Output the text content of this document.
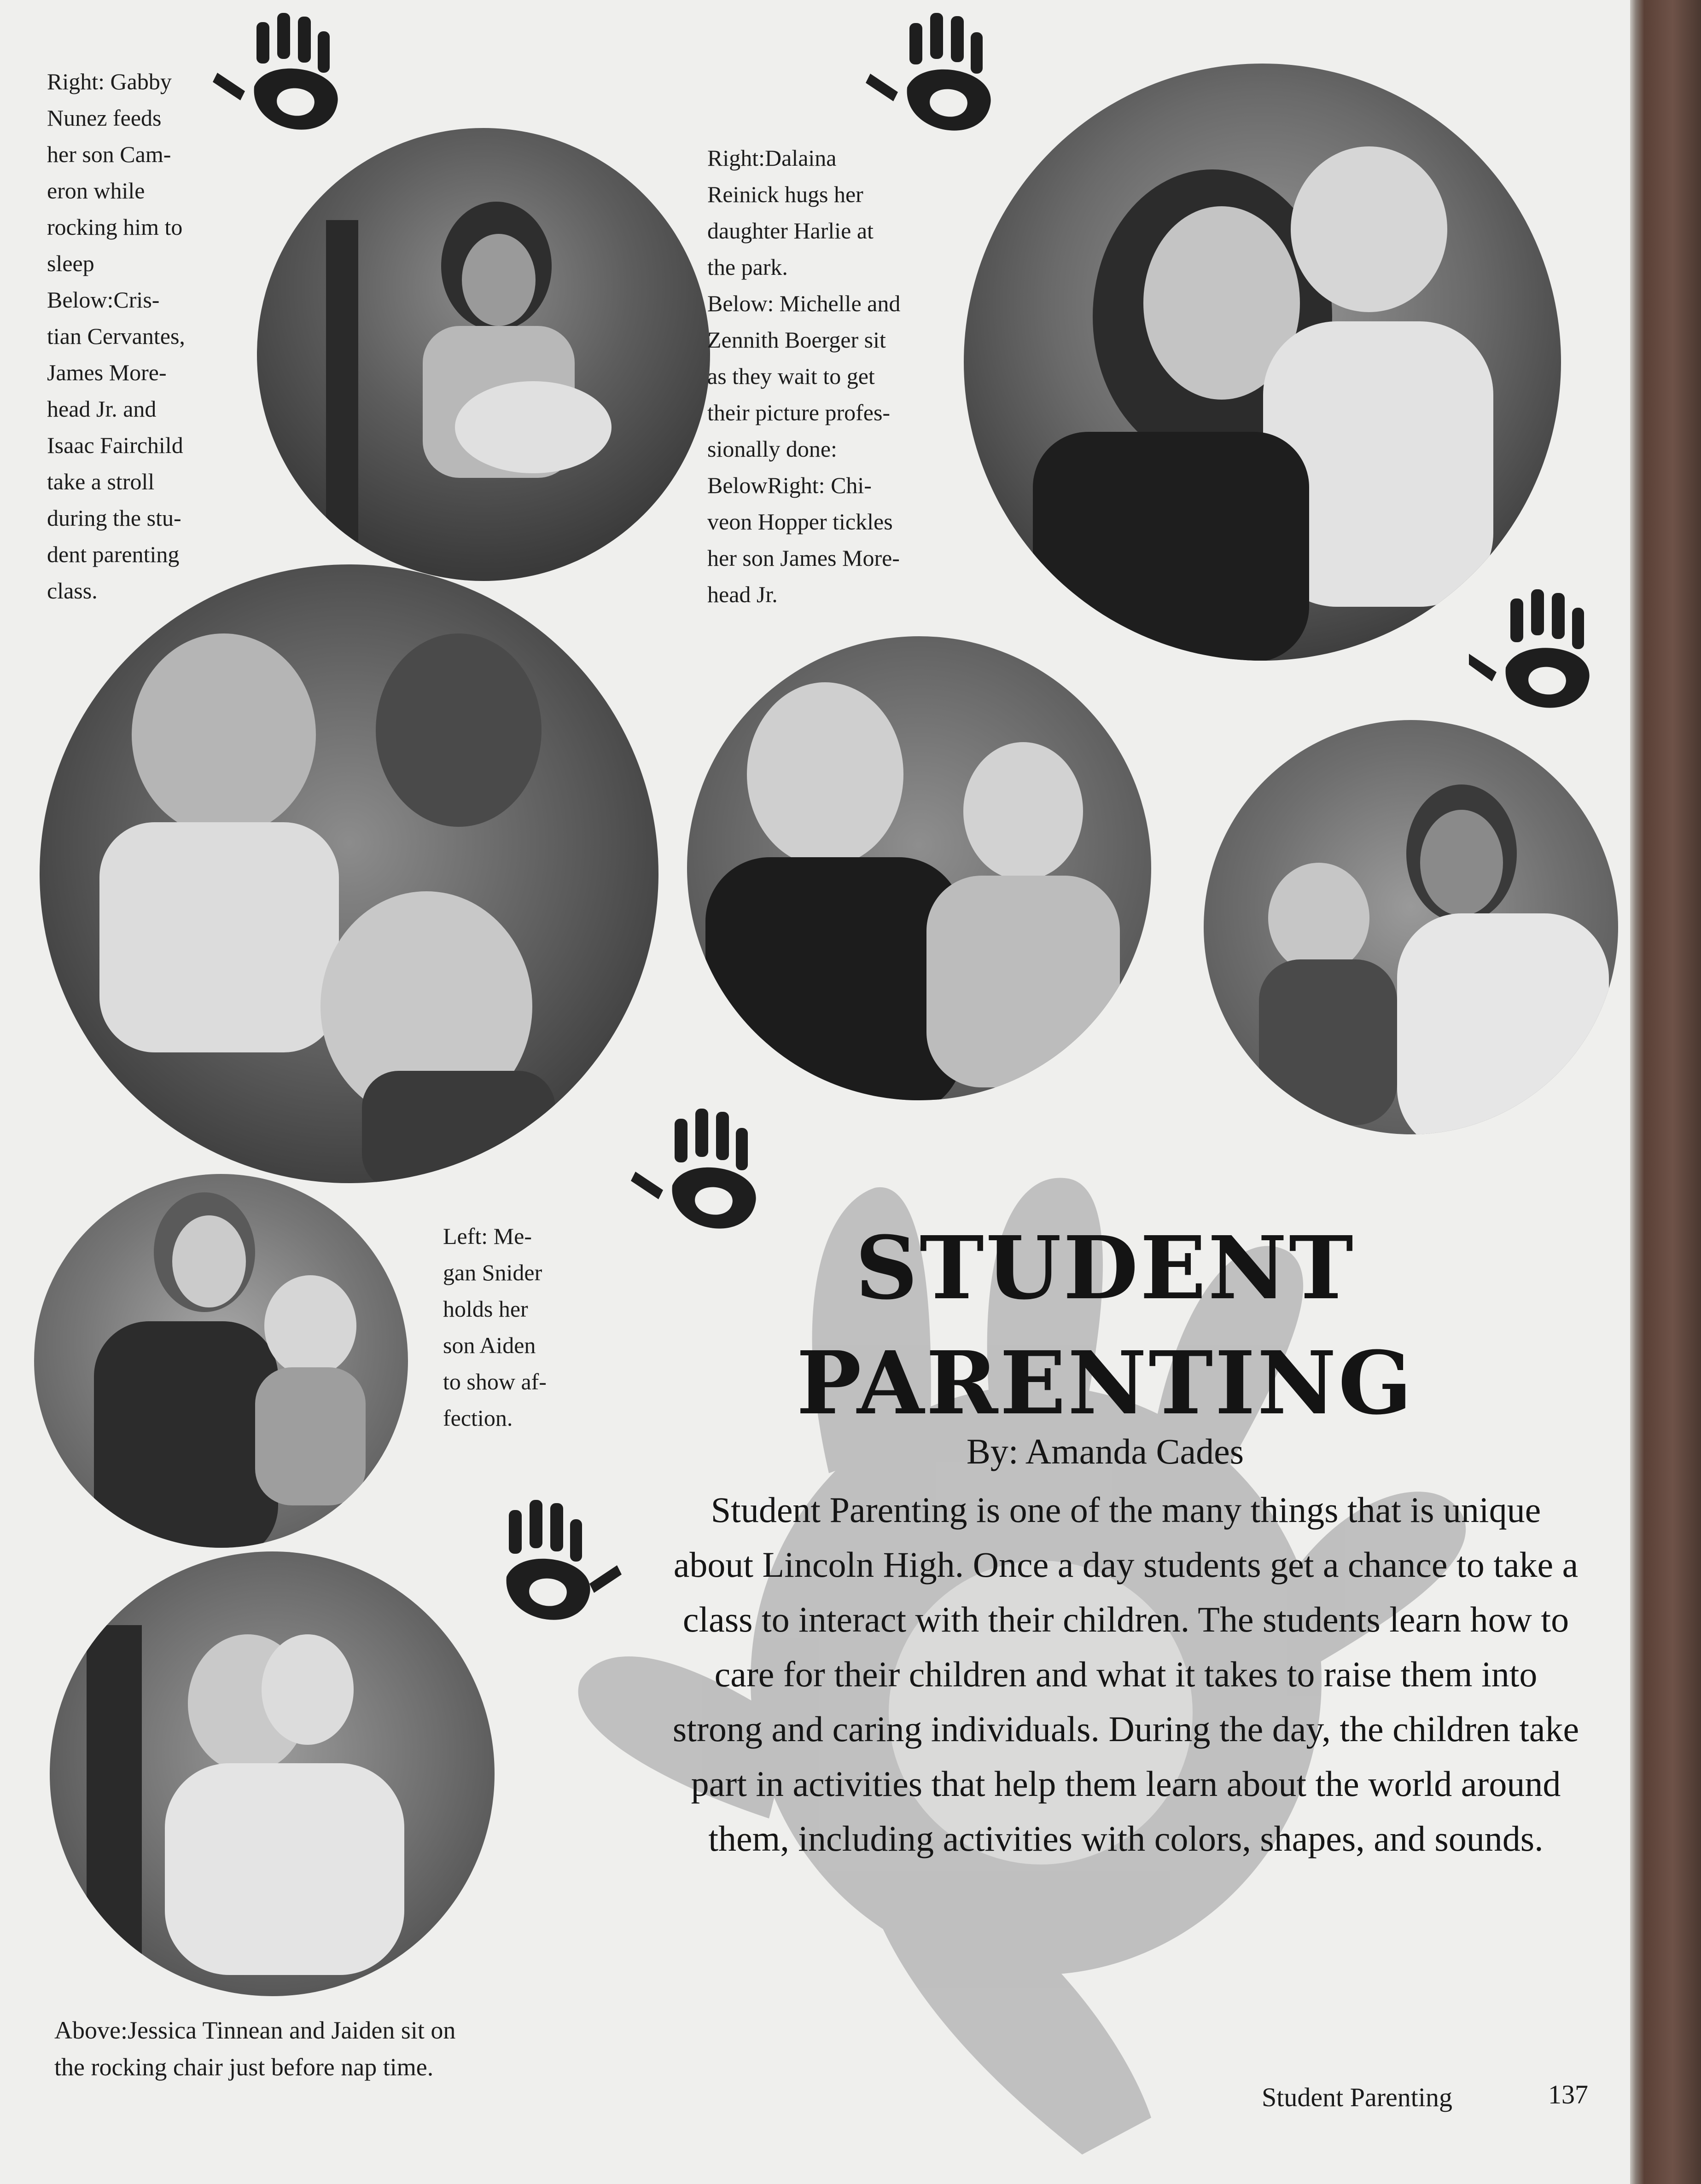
Right: Gabby
Nunez feeds
her son Cam-
eron while
rocking him to
sleep
Below:Cris-
tian Cervantes,
James More-
head Jr. and
Isaac Fairchild
take a stroll
during the stu-
dent parenting
class.
Right:Dalaina
Reinick hugs her
daughter Harlie at
the park.
Below: Michelle and
Zennith Boerger sit
as they wait to get
their picture profes-
sionally done:
BelowRight: Chi-
veon Hopper tickles
her son James More-
head Jr.
Left: Me-
gan Snider
holds her
son Aiden
to show af-
fection.
Above:Jessica Tinnean and Jaiden sit on
the rocking chair just before nap time.
STUDENT
PARENTING
By: Amanda Cades
Student Parenting is one of the many things that is unique about Lincoln High. Once a day students get a chance to take a class to interact with their children. The students learn how to care for their children and what it takes to raise them into strong and caring individuals. During the day, the children take part in activities that help them learn about the world around them, including activities with colors, shapes, and sounds.
Student Parenting	137
